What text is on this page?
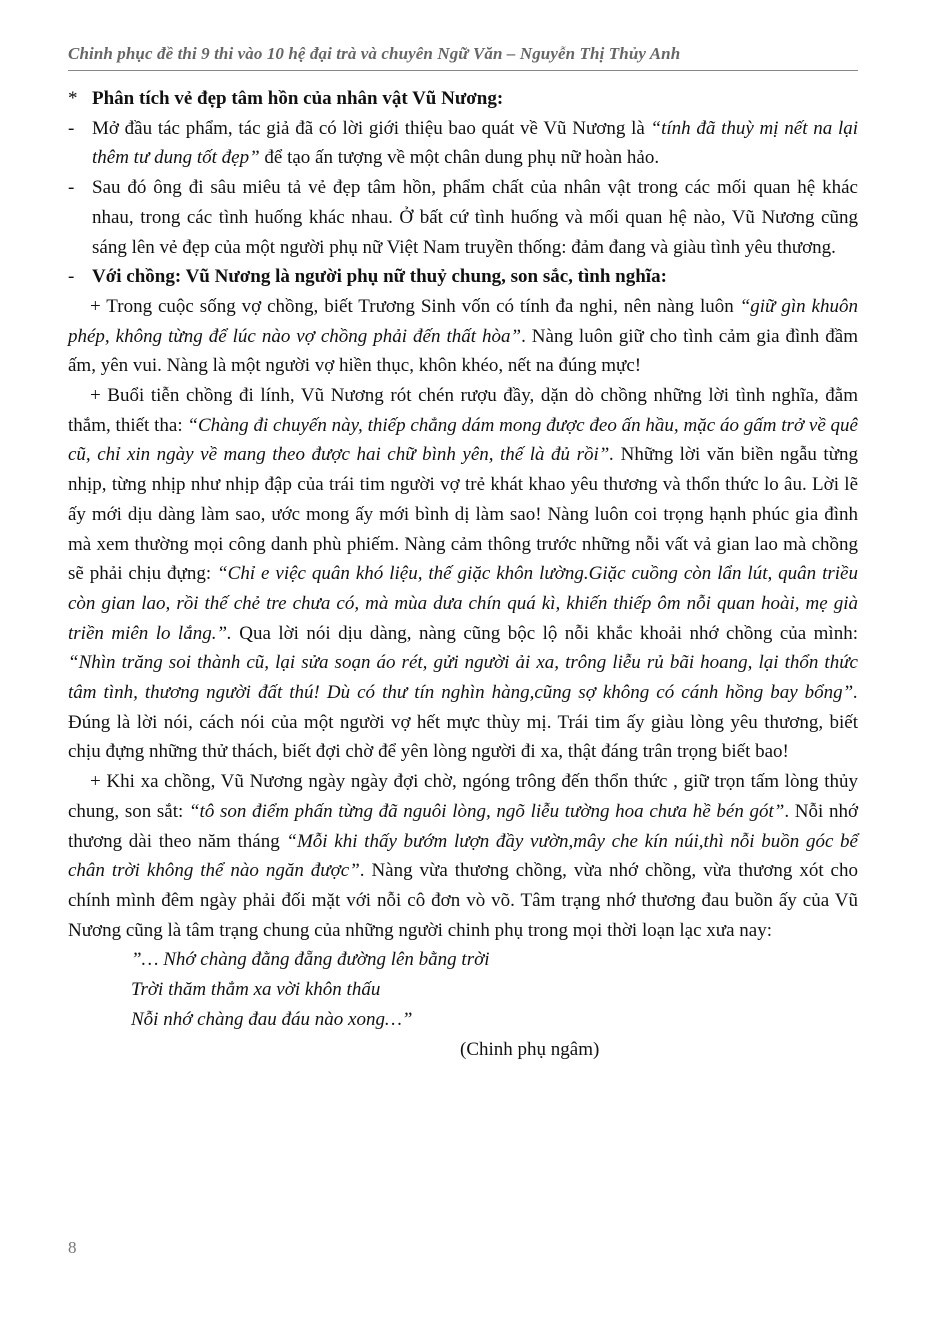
Chinh phục đề thi 9 thi vào 10 hệ đại trà và chuyên Ngữ Văn – Nguyễn Thị Thủy Anh

* Phân tích vẻ đẹp tâm hồn của nhân vật Vũ Nương:

- Mở đầu tác phẩm, tác giả đã có lời giới thiệu bao quát về Vũ Nương là “tính đã thuỳ mị nết na lại thêm tư dung tốt đẹp” để tạo ấn tượng về một chân dung phụ nữ hoàn hảo.

- Sau đó ông đi sâu miêu tả vẻ đẹp tâm hồn, phẩm chất của nhân vật trong các mối quan hệ khác nhau, trong các tình huống khác nhau. Ở bất cứ tình huống và mối quan hệ nào, Vũ Nương cũng sáng lên vẻ đẹp của một người phụ nữ Việt Nam truyền thống: đảm đang và giàu tình yêu thương.

- Với chồng: Vũ Nương là người phụ nữ thuỷ chung, son sắc, tình nghĩa:

+ Trong cuộc sống vợ chồng, biết Trương Sinh vốn có tính đa nghi, nên nàng luôn “giữ gìn khuôn phép, không từng để lúc nào vợ chồng phải đến thất hòa”. Nàng luôn giữ cho tình cảm gia đình đầm ấm, yên vui. Nàng là một người vợ hiền thục, khôn khéo, nết na đúng mực!

+ Buổi tiễn chồng đi lính, Vũ Nương rót chén rượu đầy, dặn dò chồng những lời tình nghĩa, đằm thắm, thiết tha: “Chàng đi chuyến này, thiếp chẳng dám mong được đeo ấn hầu, mặc áo gấm trở về quê cũ, chỉ xin ngày về mang theo được hai chữ bình yên, thế là đủ rồi”. Những lời văn biền ngẫu từng nhịp, từng nhịp như nhịp đập của trái tim người vợ trẻ khát khao yêu thương và thổn thức lo âu. Lời lẽ ấy mới dịu dàng làm sao, ước mong ấy mới bình dị làm sao! Nàng luôn coi trọng hạnh phúc gia đình mà xem thường mọi công danh phù phiếm. Nàng cảm thông trước những nỗi vất vả gian lao mà chồng sẽ phải chịu đựng: “Chỉ e việc quân khó liệu, thế giặc khôn lường.Giặc cuồng còn lẩn lút, quân triều còn gian lao, rồi thế chẻ tre chưa có, mà mùa dưa chín quá kì, khiến thiếp ôm nỗi quan hoài, mẹ già triền miên lo lắng.”. Qua lời nói dịu dàng, nàng cũng bộc lộ nỗi khắc khoải nhớ chồng của mình: “Nhìn trăng soi thành cũ, lại sửa soạn áo rét, gửi người ải xa, trông liễu rủ bãi hoang, lại thổn thức tâm tình, thương người đất thú! Dù có thư tín nghìn hàng,cũng sợ không có cánh hồng bay bổng”. Đúng là lời nói, cách nói của một người vợ hết mực thùy mị. Trái tim ấy giàu lòng yêu thương, biết chịu đựng những thử thách, biết đợi chờ để yên lòng người đi xa, thật đáng trân trọng biết bao!

+ Khi xa chồng, Vũ Nương ngày ngày đợi chờ, ngóng trông đến thổn thức , giữ trọn tấm lòng thủy chung, son sắt: “tô son điểm phấn từng đã nguôi lòng, ngõ liễu tường hoa chưa hề bén gót”. Nỗi nhớ thương dài theo năm tháng “Mỗi khi thấy bướm lượn đầy vườn,mây che kín núi,thì nỗi buồn góc bể chân trời không thể nào ngăn được”. Nàng vừa thương chồng, vừa nhớ chồng, vừa thương xót cho chính mình đêm ngày phải đối mặt với nỗi cô đơn vò võ. Tâm trạng nhớ thương đau buồn ấy của Vũ Nương cũng là tâm trạng chung của những người chinh phụ trong mọi thời loạn lạc xưa nay:

”… Nhớ chàng đằng đẵng đường lên bằng trời
Trời thăm thẳm xa vời khôn thấu
Nỗi nhớ chàng đau đáu nào xong…”

(Chinh phụ ngâm)

8
